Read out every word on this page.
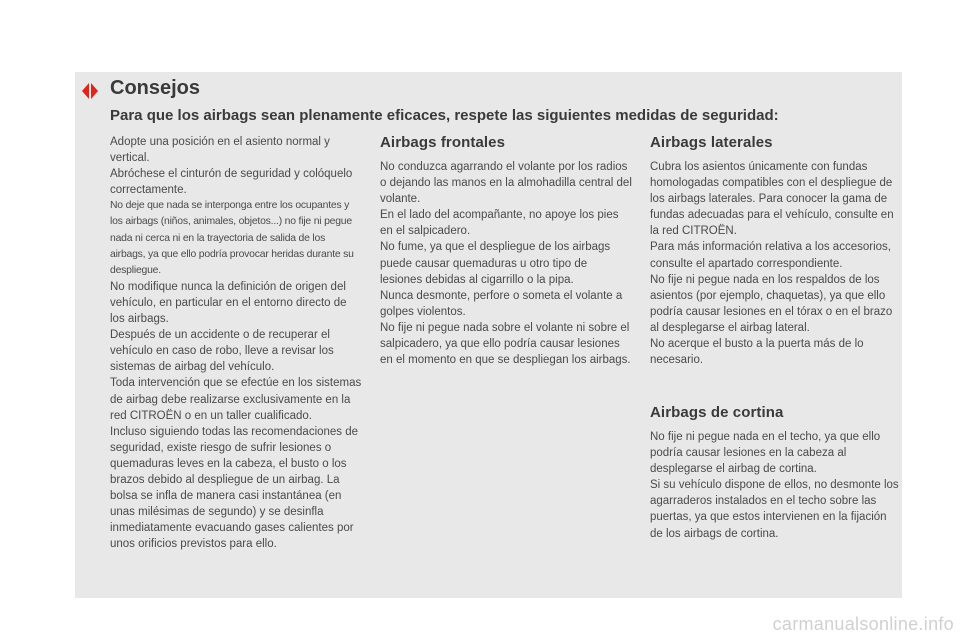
Consejos
Para que los airbags sean plenamente eficaces, respete las siguientes medidas de seguridad:

Adopte una posición en el asiento normal y vertical.

Abróchese el cinturón de seguridad y colóquelo correctamente.

No deje que nada se interponga entre los ocupantes y los airbags (niños, animales, objetos...) no fije ni pegue nada ni cerca ni en la trayectoria de salida de los airbags, ya que ello podría provocar heridas durante su despliegue.

No modifique nunca la definición de origen del vehículo, en particular en el entorno directo de los airbags.

Después de un accidente o de recuperar el vehículo en caso de robo, lleve a revisar los sistemas de airbag del vehículo.

Toda intervención que se efectúe en los sistemas de airbag debe realizarse exclusivamente en la red CITROËN o en un taller cualificado.

Incluso siguiendo todas las recomendaciones de seguridad, existe riesgo de sufrir lesiones o quemaduras leves en la cabeza, el busto o los brazos debido al despliegue de un airbag. La bolsa se infla de manera casi instantánea (en unas milésimas de segundo) y se desinfla inmediatamente evacuando gases calientes por unos orificios previstos para ello.

Airbags frontales

No conduzca agarrando el volante por los radios o dejando las manos en la almohadilla central del volante.

En el lado del acompañante, no apoye los pies en el salpicadero.

No fume, ya que el despliegue de los airbags puede causar quemaduras u otro tipo de lesiones debidas al cigarrillo o la pipa.

Nunca desmonte, perfore o someta el volante a golpes violentos.

No fije ni pegue nada sobre el volante ni sobre el salpicadero, ya que ello podría causar lesiones en el momento en que se despliegan los airbags.

Airbags laterales

Cubra los asientos únicamente con fundas homologadas compatibles con el despliegue de los airbags laterales. Para conocer la gama de fundas adecuadas para el vehículo, consulte en la red CITROËN.

Para más información relativa a los accesorios, consulte el apartado correspondiente.

No fije ni pegue nada en los respaldos de los asientos (por ejemplo, chaquetas), ya que ello podría causar lesiones en el tórax o en el brazo al desplegarse el airbag lateral.

No acerque el busto a la puerta más de lo necesario.

Airbags de cortina

No fije ni pegue nada en el techo, ya que ello podría causar lesiones en la cabeza al desplegarse el airbag de cortina.

Si su vehículo dispone de ellos, no desmonte los agarraderos instalados en el techo sobre las puertas, ya que estos intervienen en la fijación de los airbags de cortina.

carmanualsonline.info
